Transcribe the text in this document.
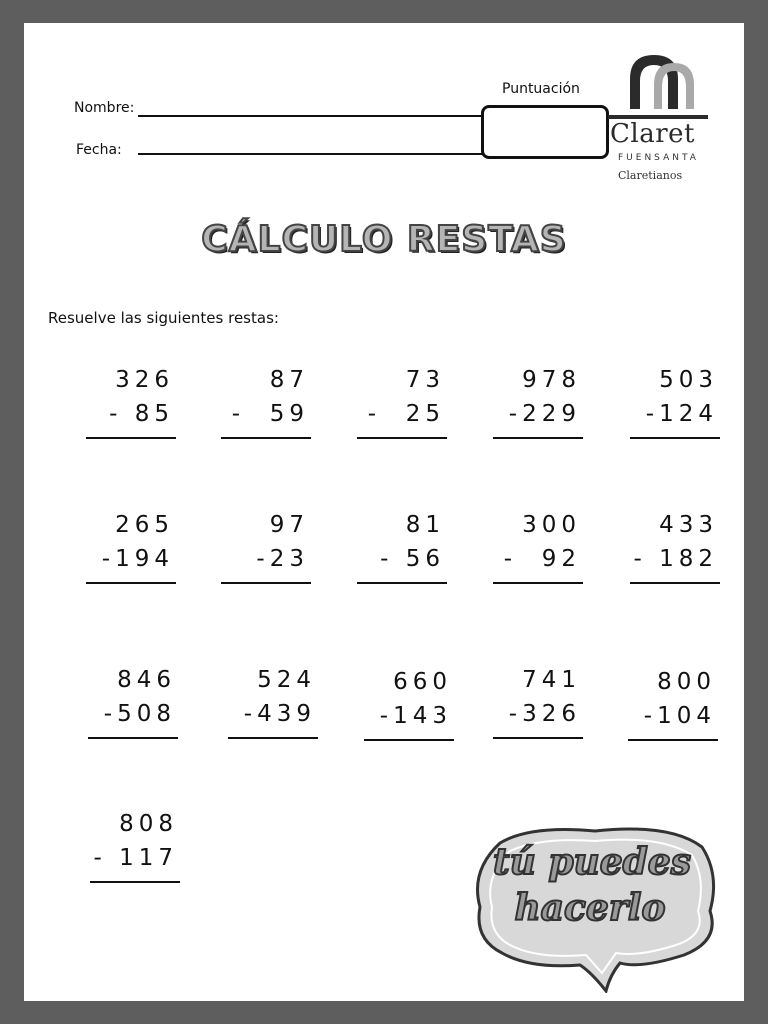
Nombre:
Fecha:
Puntuación
Claret
FUENSANTA
Claretianos
CÁLCULO RESTAS
Resuelve las siguientes restas:
326
- 85
87
-  59
73
-  25
978
-229
503
-124
265
-194
97
-23
81
- 56
300
-  92
433
- 182
846
-508
524
-439
660
-143
741
-326
800
-104
808
- 117	tú puedes
hacerlo
